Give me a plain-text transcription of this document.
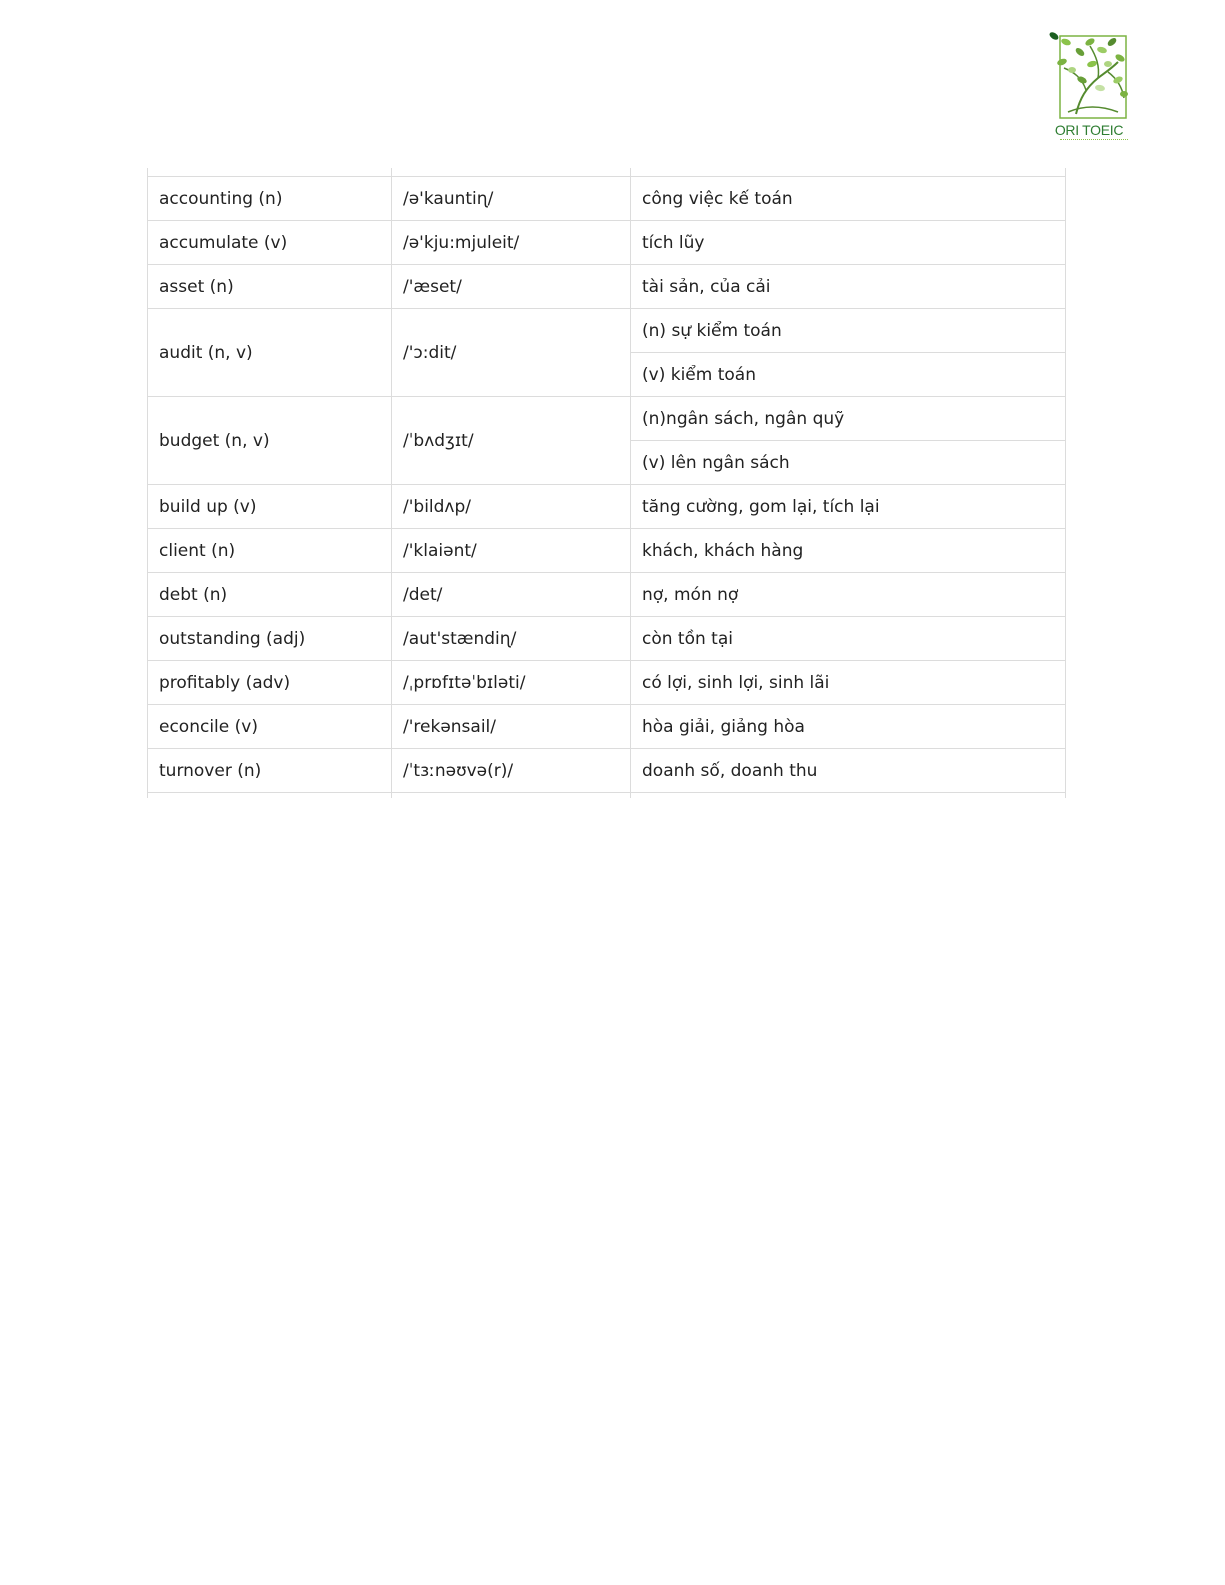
ORI TOEIC

accounting (n)	/ə'kauntiɳ/	công việc kế toán
accumulate (v)	/ə'kju:mjuleit/	tích lũy
asset (n)	/'æset/	tài sản, của cải
audit (n, v)	/'ɔ:dit/	(n) sự kiểm toán
		(v) kiểm toán
budget (n, v)	/ˈbʌdʒɪt/	(n)ngân sách, ngân quỹ
		(v) lên ngân sách
build up (v)	/'bildʌp/	tăng cường, gom lại, tích lại
client (n)	/'klaiənt/	khách, khách hàng
debt (n)	/det/	nợ, món nợ
outstanding (adj)	/aut'stændiɳ/	còn tồn tại
profitably (adv)	/ˌprɒfɪtəˈbɪləti/	có lợi, sinh lợi, sinh lãi
econcile (v)	/'rekənsail/	hòa giải, giảng hòa
turnover (n)	/ˈtɜːnəʊvə(r)/	doanh số, doanh thu
